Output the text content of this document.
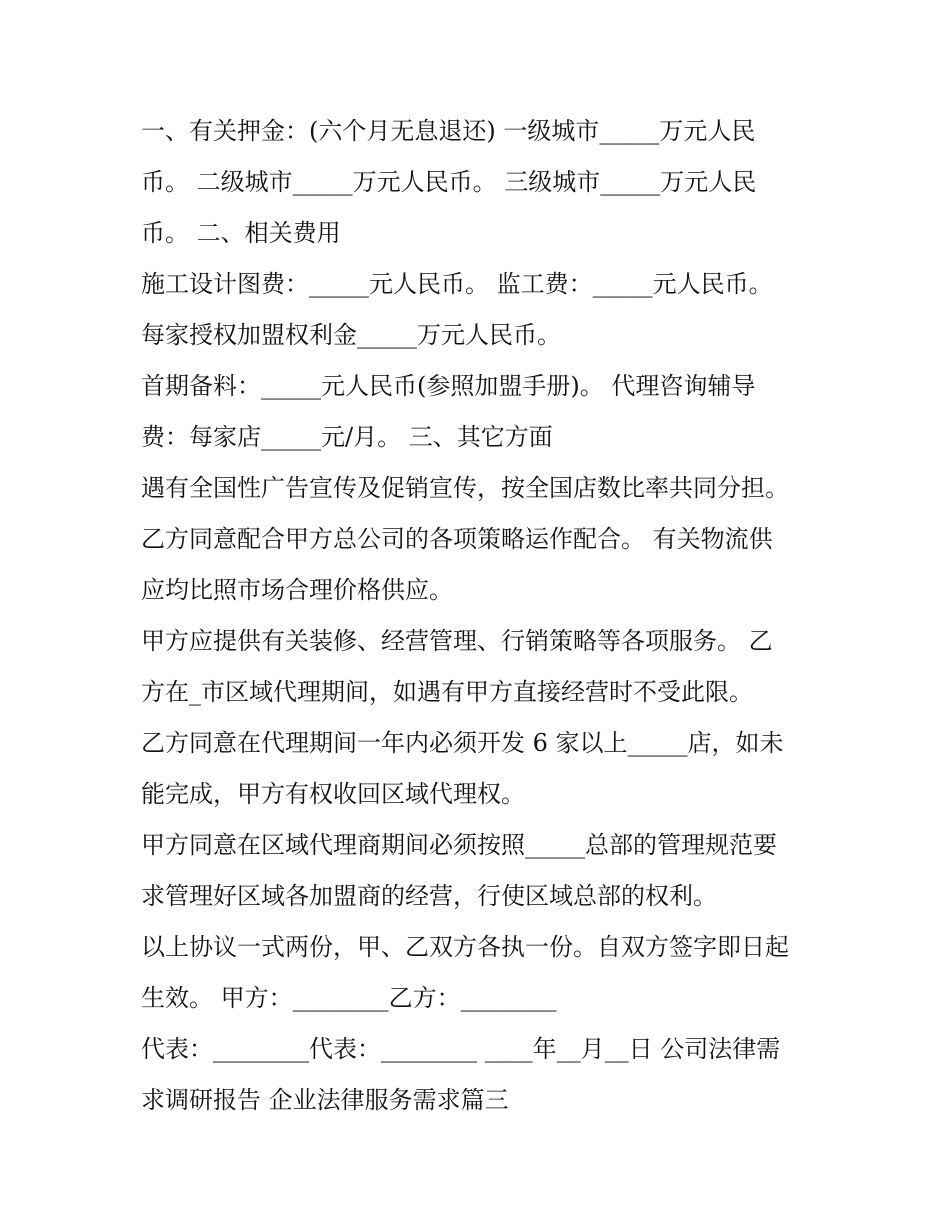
一、有关押金：(六个月无息退还) 一级城市_____万元人民

币。 二级城市_____万元人民币。 三级城市_____万元人民

币。 二、相关费用

施工设计图费：_____元人民币。 监工费：_____元人民币。

每家授权加盟权利金_____万元人民币。

首期备料：_____元人民币(参照加盟手册)。 代理咨询辅导

费：每家店_____元/月。 三、其它方面

遇有全国性广告宣传及促销宣传，按全国店数比率共同分担。

乙方同意配合甲方总公司的各项策略运作配合。 有关物流供

应均比照市场合理价格供应。

甲方应提供有关装修、经营管理、行销策略等各项服务。 乙

方在_市区域代理期间，如遇有甲方直接经营时不受此限。

乙方同意在代理期间一年内必须开发 6 家以上_____店，如未

能完成，甲方有权收回区域代理权。

甲方同意在区域代理商期间必须按照_____总部的管理规范要

求管理好区域各加盟商的经营，行使区域总部的权利。

以上协议一式两份，甲、乙双方各执一份。自双方签字即日起

生效。 甲方：________乙方：________

代表：________代表：________ ____年__月__日 公司法律需

求调研报告 企业法律服务需求篇三
